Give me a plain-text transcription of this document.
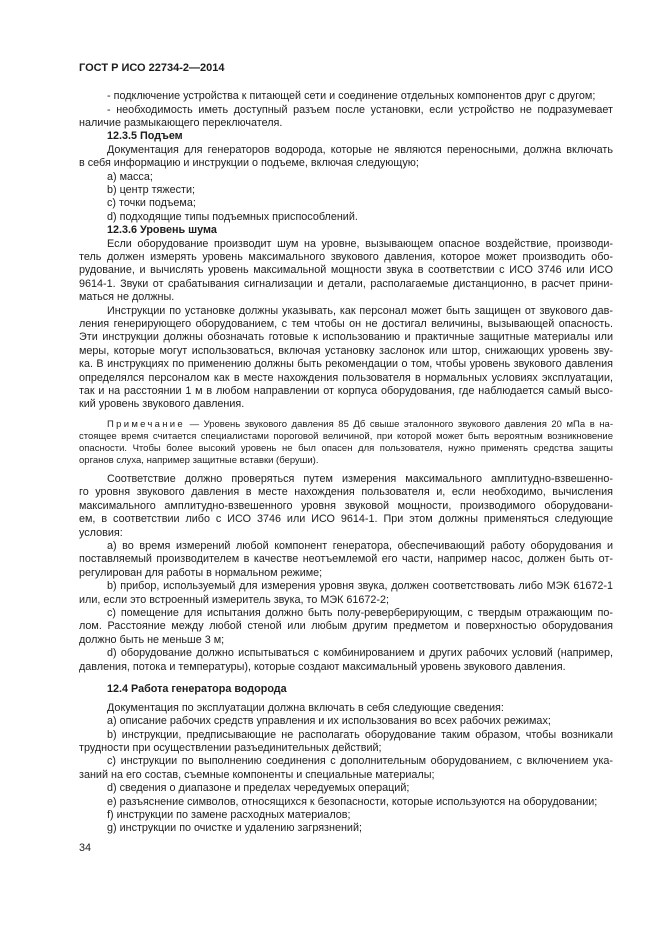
ГОСТ Р ИСО 22734-2—2014
- подключение устройства к питающей сети и соединение отдельных компонентов друг с другом;
- необходимость иметь доступный разъем после установки, если устройство не подразумевает
наличие размыкающего переключателя.
12.3.5 Подъем
Документация для генераторов водорода, которые не являются переносными, должна включать
в себя информацию и инструкции о подъеме, включая следующую;
a) масса;
b) центр тяжести;
c) точки подъема;
d) подходящие типы подъемных приспособлений.
12.3.6 Уровень шума
Если оборудование производит шум на уровне, вызывающем опасное воздействие, производи-
тель должен измерять уровень максимального звукового давления, которое может производить обо-
рудование, и вычислять уровень максимальной мощности звука в соответствии с ИСО 3746 или ИСО
9614-1. Звуки от срабатывания сигнализации и детали, располагаемые дистанционно, в расчет прини-
маться не должны.
Инструкции по установке должны указывать, как персонал может быть защищен от звукового дав-
ления генерирующего оборудованием, с тем чтобы он не достигал величины, вызывающей опасность.
Эти инструкции должны обозначать готовые к использованию и практичные защитные материалы или
меры, которые могут использоваться, включая установку заслонок или штор, снижающих уровень зву-
ка. В инструкциях по применению должны быть рекомендации о том, чтобы уровень звукового давления
определялся персоналом как в месте нахождения пользователя в нормальных условиях эксплуатации,
так и на расстоянии 1 м в любом направлении от корпуса оборудования, где наблюдается самый высо-
кий уровень звукового давления.
Примечание — Уровень звукового давления 85 Дб свыше эталонного звукового давления 20 мПа в на-
стоящее время считается специалистами пороговой величиной, при которой может быть вероятным возникновение
опасности. Чтобы более высокий уровень не был опасен для пользователя, нужно применять средства защиты
органов слуха, например защитные вставки (беруши).
Соответствие должно проверяться путем измерения максимального амплитудно-взвешенно-
го уровня звукового давления в месте нахождения пользователя и, если необходимо, вычисления
максимального амплитудно-взвешенного уровня звуковой мощности, производимого оборудовани-
ем, в соответствии либо с ИСО 3746 или ИСО 9614-1. При этом должны применяться следующие
условия:
a) во время измерений любой компонент генератора, обеспечивающий работу оборудования и
поставляемый производителем в качестве неотъемлемой его части, например насос, должен быть от-
регулирован для работы в нормальном режиме;
b) прибор, используемый для измерения уровня звука, должен соответствовать либо МЭК 61672-1
или, если это встроенный измеритель звука, то МЭК 61672-2;
c) помещение для испытания должно быть полу-реверберирующим, с твердым отражающим по-
лом. Расстояние между любой стеной или любым другим предметом и поверхностью оборудования
должно быть не меньше 3 м;
d) оборудование должно испытываться с комбинированием и других рабочих условий (например,
давления, потока и температуры), которые создают максимальный уровень звукового давления.
12.4 Работа генератора водорода
Документация по эксплуатации должна включать в себя следующие сведения:
a) описание рабочих средств управления и их использования во всех рабочих режимах;
b) инструкции, предписывающие не располагать оборудование таким образом, чтобы возникали
трудности при осуществлении разъединительных действий;
c) инструкции по выполнению соединения с дополнительным оборудованием, с включением ука-
заний на его состав, съемные компоненты и специальные материалы;
d) сведения о диапазоне и пределах чередуемых операций;
e) разъяснение символов, относящихся к безопасности, которые используются на оборудовании;
f) инструкции по замене расходных материалов;
g) инструкции по очистке и удалению загрязнений;
34
